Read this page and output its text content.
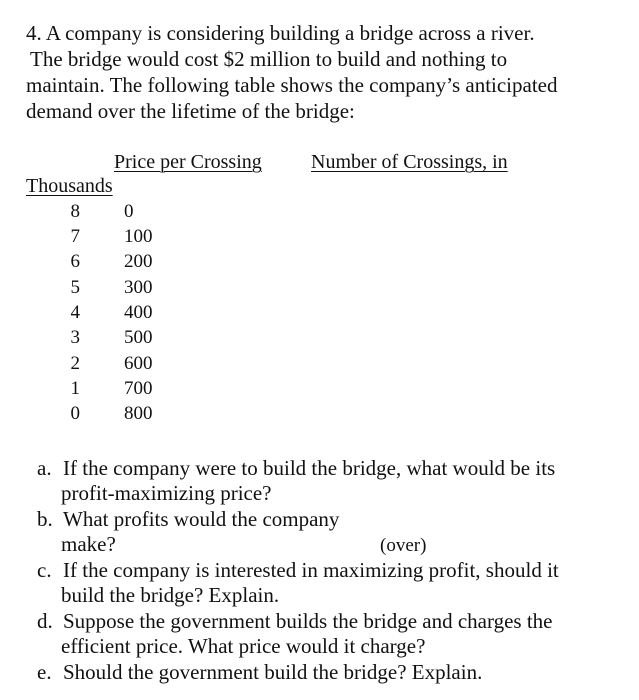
4. A company is considering building a bridge across a river.
The bridge would cost $2 million to build and nothing to
maintain. The following table shows the company’s anticipated
demand over the lifetime of the bridge:
Price per Crossing Number of Crossings, in
Thousands
8 0
7 100
6 200
5 300
4 400
3 500
2 600
1 700
0 800
a. If the company were to build the bridge, what would be its
profit-maximizing price?
b. What profits would the company
make?	(over)
c. If the company is interested in maximizing profit, should it
build the bridge? Explain.
d. Suppose the government builds the bridge and charges the
efficient price. What price would it charge?
e. Should the government build the bridge? Explain.
